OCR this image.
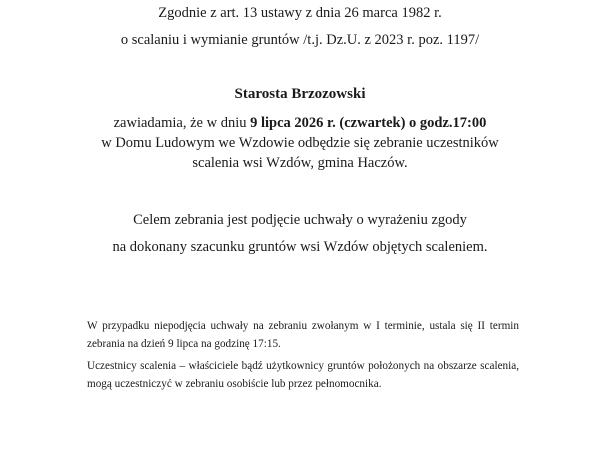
Zgodnie z art. 13 ustawy z dnia 26 marca 1982 r.
o scalaniu i wymianie gruntów /t.j. Dz.U. z 2023 r. poz. 1197/
Starosta Brzozowski
zawiadamia, że w dniu 9 lipca 2026 r. (czwartek) o godz.17:00
w Domu Ludowym we Wzdowie odbędzie się zebranie uczestników
scalenia wsi Wzdów, gmina Haczów.
Celem zebrania jest podjęcie uchwały o wyrażeniu zgody
na dokonany szacunku gruntów wsi Wzdów objętych scaleniem.
W przypadku niepodjęcia uchwały na zebraniu zwołanym w I terminie, ustala się II termin zebrania na dzień 9 lipca na godzinę 17:15.
Uczestnicy scalenia – właściciele bądź użytkownicy gruntów położonych na obszarze scalenia, mogą uczestniczyć w zebraniu osobiście lub przez pełnomocnika.
